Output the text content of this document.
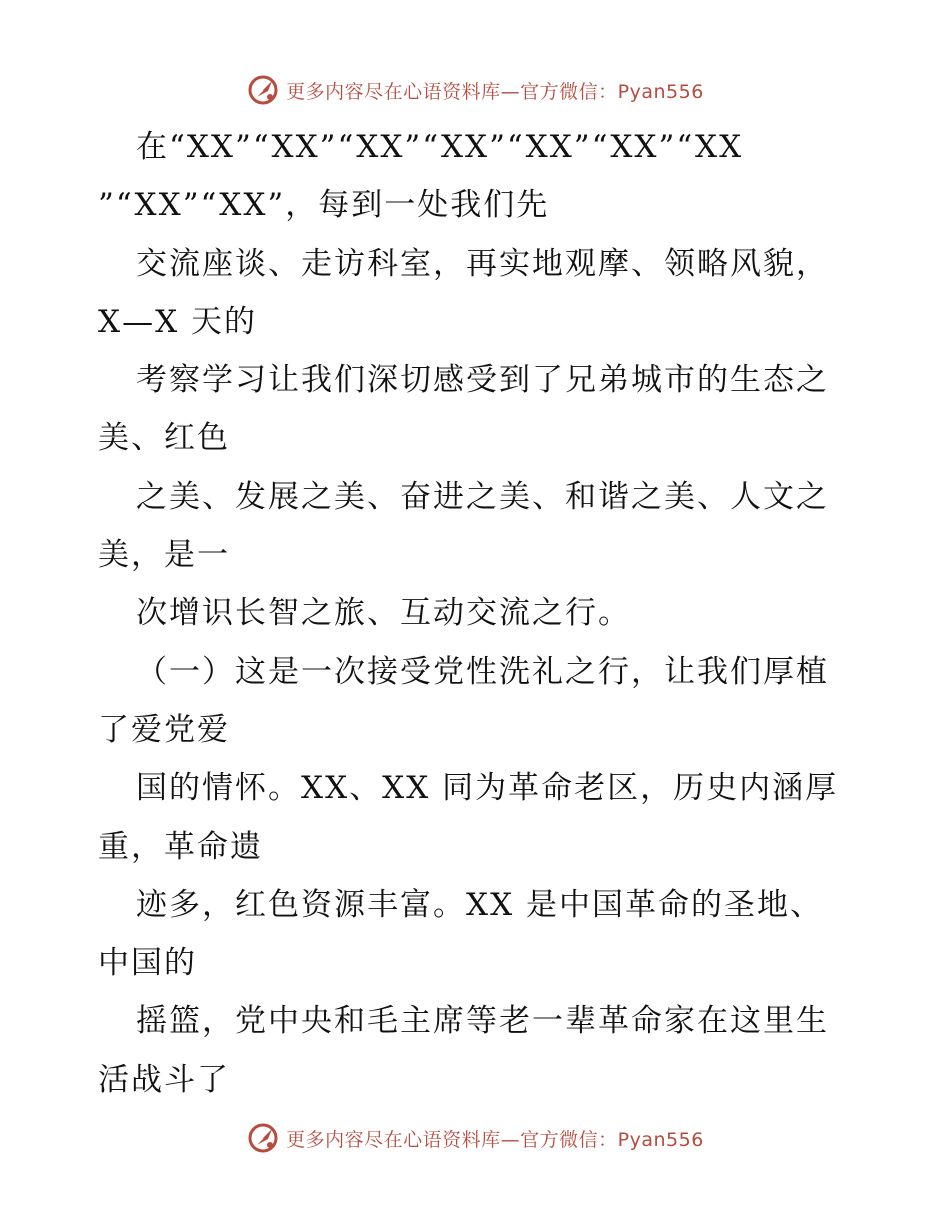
更多内容尽在心语资料库—官方微信：Pyan556
在“XX”“XX”“XX”“XX”“XX”“XX”“XX
”“XX”“XX”，每到一处我们先
交流座谈、走访科室，再实地观摩、领略风貌，
X—X 天的
考察学习让我们深切感受到了兄弟城市的生态之
美、红色
之美、发展之美、奋进之美、和谐之美、人文之
美，是一
次增识长智之旅、互动交流之行。
（一）这是一次接受党性洗礼之行，让我们厚植
了爱党爱
国的情怀。XX、XX 同为革命老区，历史内涵厚
重，革命遗
迹多，红色资源丰富。XX 是中国革命的圣地、
中国的
摇篮，党中央和毛主席等老一辈革命家在这里生
活战斗了
更多内容尽在心语资料库—官方微信：Pyan556
